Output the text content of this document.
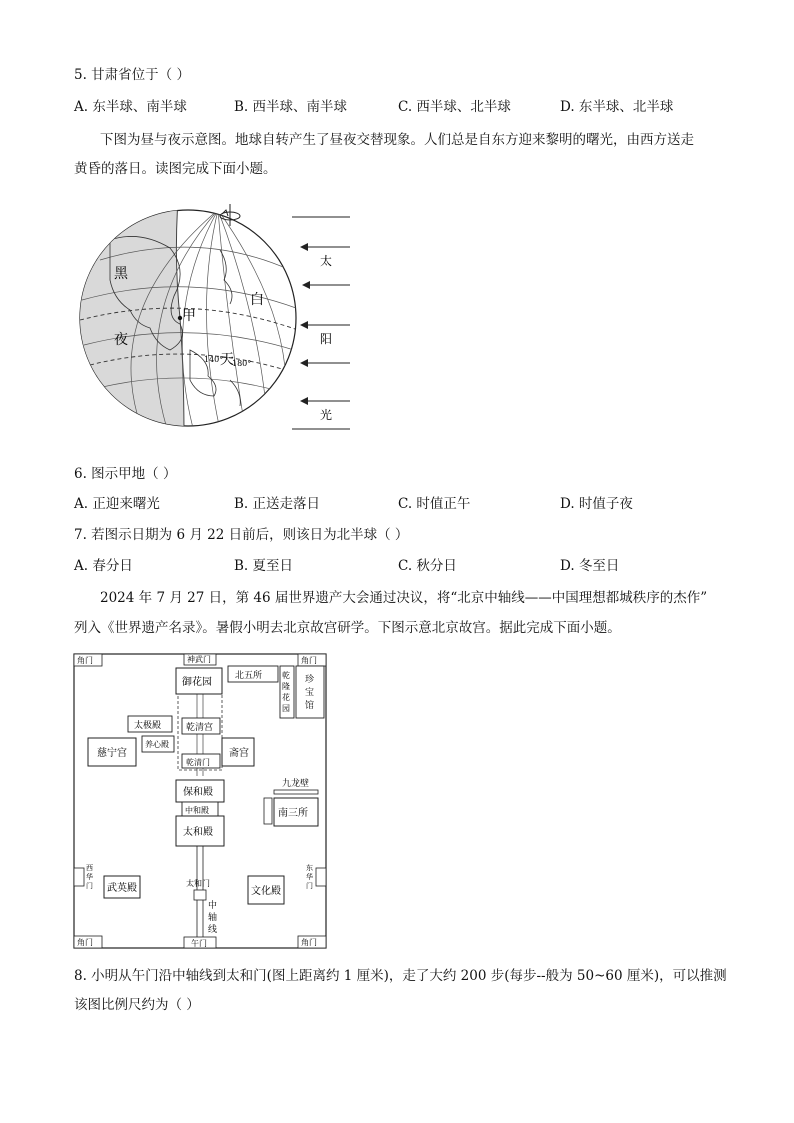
5. 甘肃省位于（ ）
A. 东半球、南半球	B. 西半球、南半球	C. 西半球、北半球	D. 东半球、北半球
下图为昼与夜示意图。地球自转产生了昼夜交替现象。人们总是自东方迎来黎明的曙光，由西方送走
黄昏的落日。读图完成下面小题。
黑
夜
白
天
甲
140° 180°
太
阳
光
6. 图示甲地（ ）
A. 正迎来曙光	B. 正送走落日	C. 时值正午	D. 时值子夜
7. 若图示日期为 6 月 22 日前后，则该日为北半球（ ）
A. 春分日	B. 夏至日	C. 秋分日	D. 冬至日
2024 年 7 月 27 日，第 46 届世界遗产大会通过决议，将“北京中轴线——中国理想都城秩序的杰作”
列入《世界遗产名录》。暑假小明去北京故宫研学。下图示意北京故宫。据此完成下面小题。
角门	角门
角门	角门
神武门
午门
西
华
门
东
华
门
御花园
北五所 乾
隆
花
园
珍
宝
馆
太极殿
养心殿
慈宁宫
乾清宫
乾清门
斋宫
九龙壁
南三所
保和殿
中和殿
太和殿
太和门
中
轴
线
武英殿	文化殿
8. 小明从午门沿中轴线到太和门(图上距离约 1 厘米)，走了大约 200 步(每步--般为 50~60 厘米)，可以推测
该图比例尺约为（ ）
